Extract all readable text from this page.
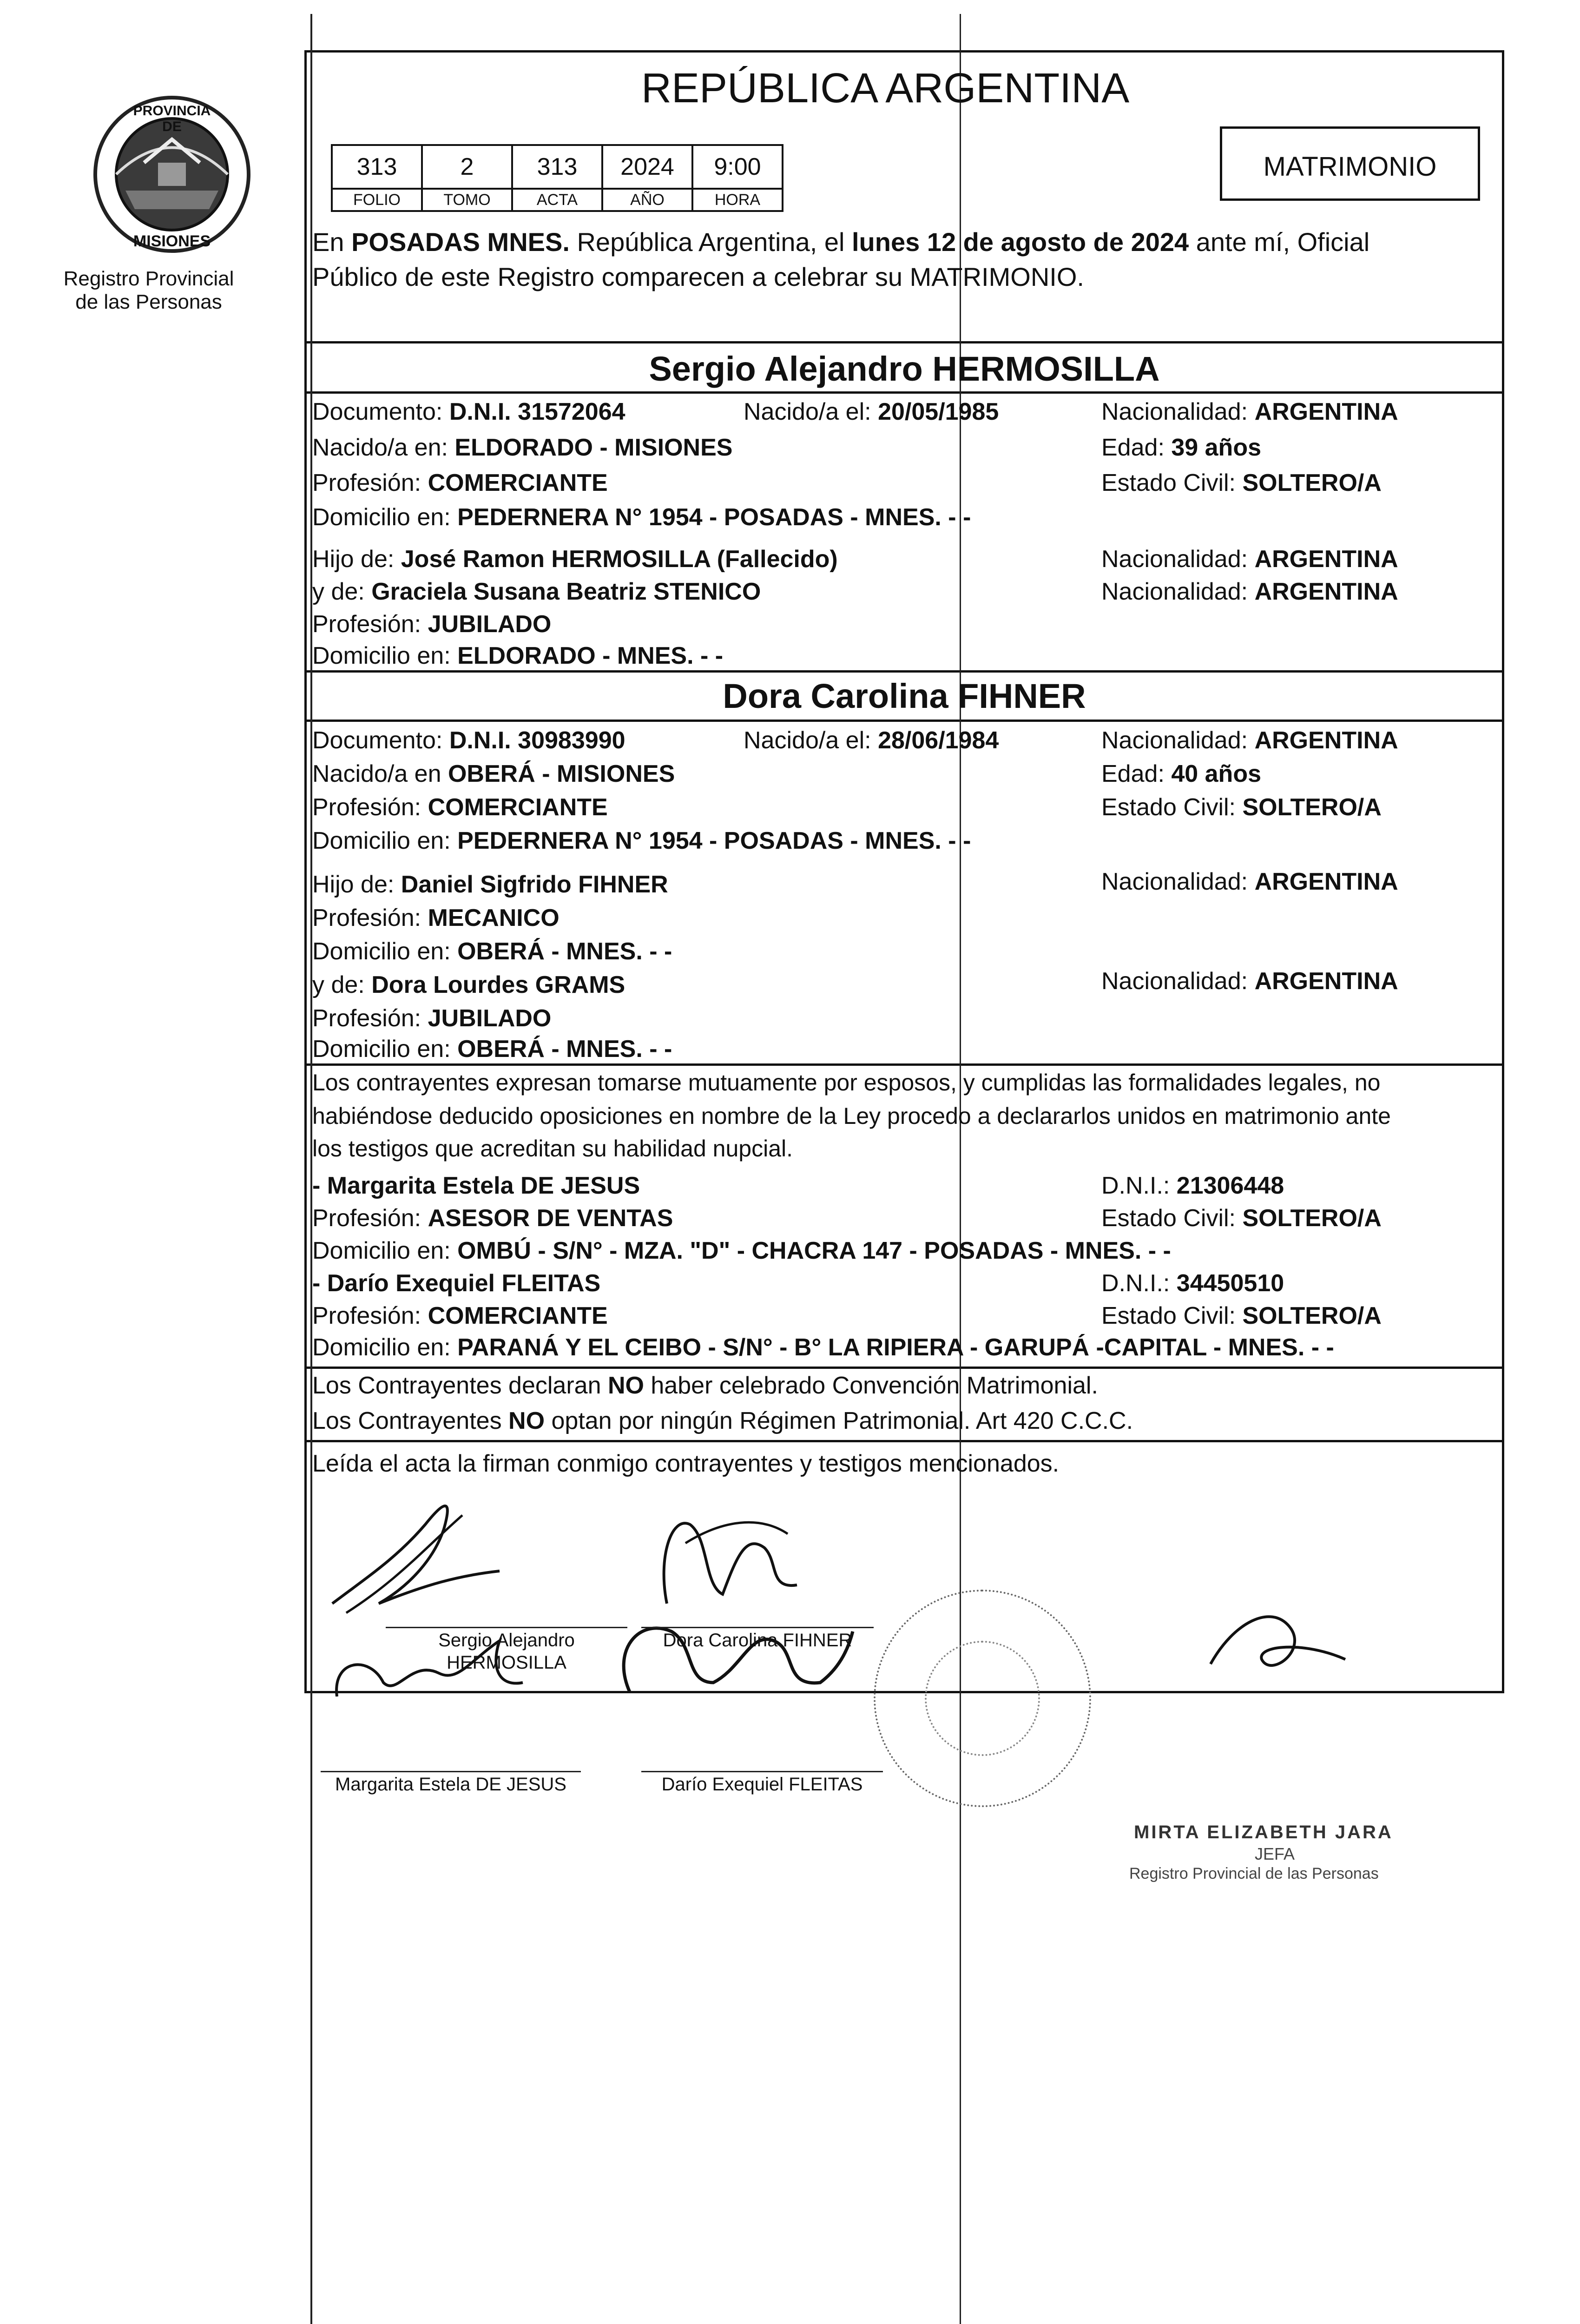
PROVINCIA DE
MISIONES
Registro Provincial
de las Personas
REPÚBLICA ARGENTINA
313	2	313	2024	9:00
FOLIO	TOMO	ACTA	AÑO	HORA
MATRIMONIO
En POSADAS MNES. República Argentina, el lunes 12 de agosto de 2024 ante mí, Oficial
Público de este Registro comparecen a celebrar su MATRIMONIO.
Sergio Alejandro HERMOSILLA
Documento: D.N.I. 31572064	Nacido/a el: 20/05/1985	Nacionalidad: ARGENTINA
Nacido/a en: ELDORADO - MISIONES	Edad: 39 años
Profesión: COMERCIANTE	Estado Civil: SOLTERO/A
Domicilio en: PEDERNERA N° 1954 - POSADAS - MNES. - -
Hijo de: José Ramon HERMOSILLA (Fallecido)	Nacionalidad: ARGENTINA
y de: Graciela Susana Beatriz STENICO	Nacionalidad: ARGENTINA
Profesión: JUBILADO
Domicilio en: ELDORADO - MNES. - -
Dora Carolina FIHNER
Documento: D.N.I. 30983990	Nacido/a el: 28/06/1984	Nacionalidad: ARGENTINA
Nacido/a en OBERÁ - MISIONES	Edad: 40 años
Profesión: COMERCIANTE	Estado Civil: SOLTERO/A
Domicilio en: PEDERNERA N° 1954 - POSADAS - MNES. - -
Hijo de: Daniel Sigfrido FIHNER	Nacionalidad: ARGENTINA
Profesión: MECANICO
Domicilio en: OBERÁ - MNES. - -
y de: Dora Lourdes GRAMS	Nacionalidad: ARGENTINA
Profesión: JUBILADO
Domicilio en: OBERÁ - MNES. - -
Los contrayentes expresan tomarse mutuamente por esposos, y cumplidas las formalidades legales, no
habiéndose deducido oposiciones en nombre de la Ley procedo a declararlos unidos en matrimonio ante
los testigos que acreditan su habilidad nupcial.
- Margarita Estela DE JESUS	D.N.I.: 21306448
Profesión: ASESOR DE VENTAS	Estado Civil: SOLTERO/A
Domicilio en: OMBÚ - S/N° - MZA. "D" - CHACRA 147 - POSADAS - MNES. - -
- Darío Exequiel FLEITAS	D.N.I.: 34450510
Profesión: COMERCIANTE	Estado Civil: SOLTERO/A
Domicilio en: PARANÁ Y EL CEIBO - S/N° - B° LA RIPIERA - GARUPÁ -CAPITAL - MNES. - -
Los Contrayentes declaran NO haber celebrado Convención Matrimonial.
Los Contrayentes NO optan por ningún Régimen Patrimonial. Art 420 C.C.C.
Leída el acta la firman conmigo contrayentes y testigos mencionados.
Sergio Alejandro
HERMOSILLA
Dora Carolina FIHNER
Margarita Estela DE JESUS	Darío Exequiel FLEITAS
MIRTA ELIZABETH JARA
JEFA
Registro Provincial de las Personas
